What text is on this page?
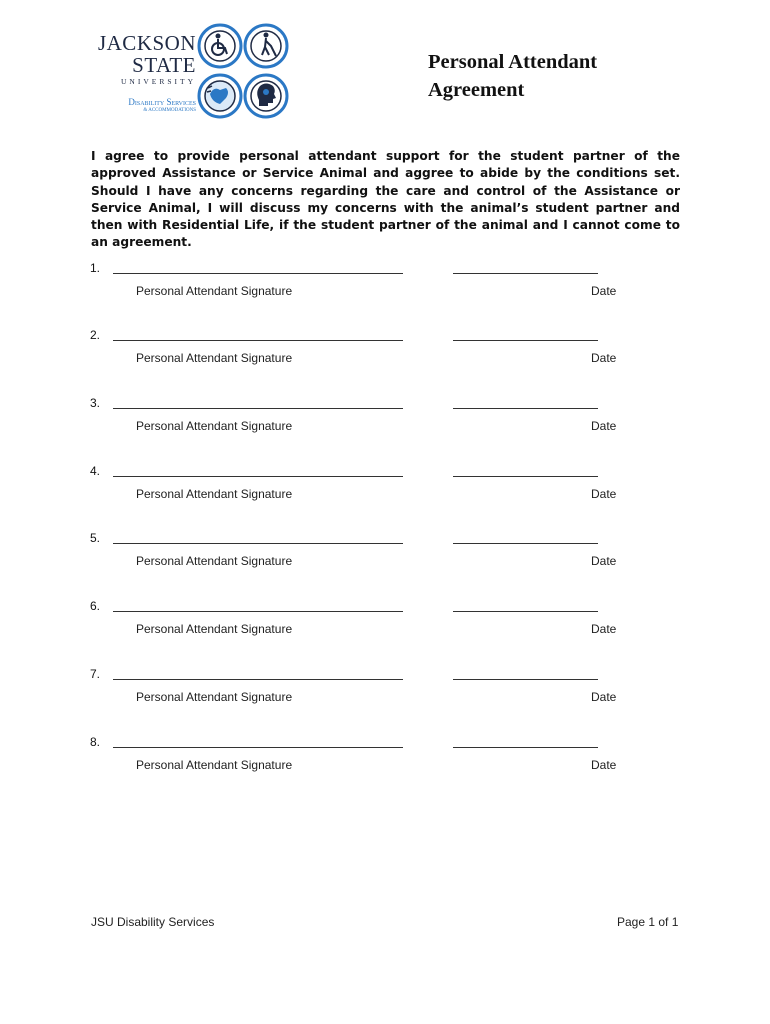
JACKSON
STATE
UNIVERSITY
Disability Services
& ACCOMMODATIONS
Personal Attendant
Agreement
I agree to provide personal attendant support for the student partner of the approved Assistance or Service Animal and aggree to abide by the conditions set. Should I have any concerns regarding the care and control of the Assistance or Service Animal, I will discuss my concerns with the animal’s student partner and then with Residential Life, if the student partner of the animal and I cannot come to an agreement.
1.
Personal Attendant Signature	Date
2.
Personal Attendant Signature	Date
3.
Personal Attendant Signature	Date
4.
Personal Attendant Signature	Date
5.
Personal Attendant Signature	Date
6.
Personal Attendant Signature	Date
7.
Personal Attendant Signature	Date
8.
Personal Attendant Signature	Date
JSU Disability Services	Page 1 of 1
